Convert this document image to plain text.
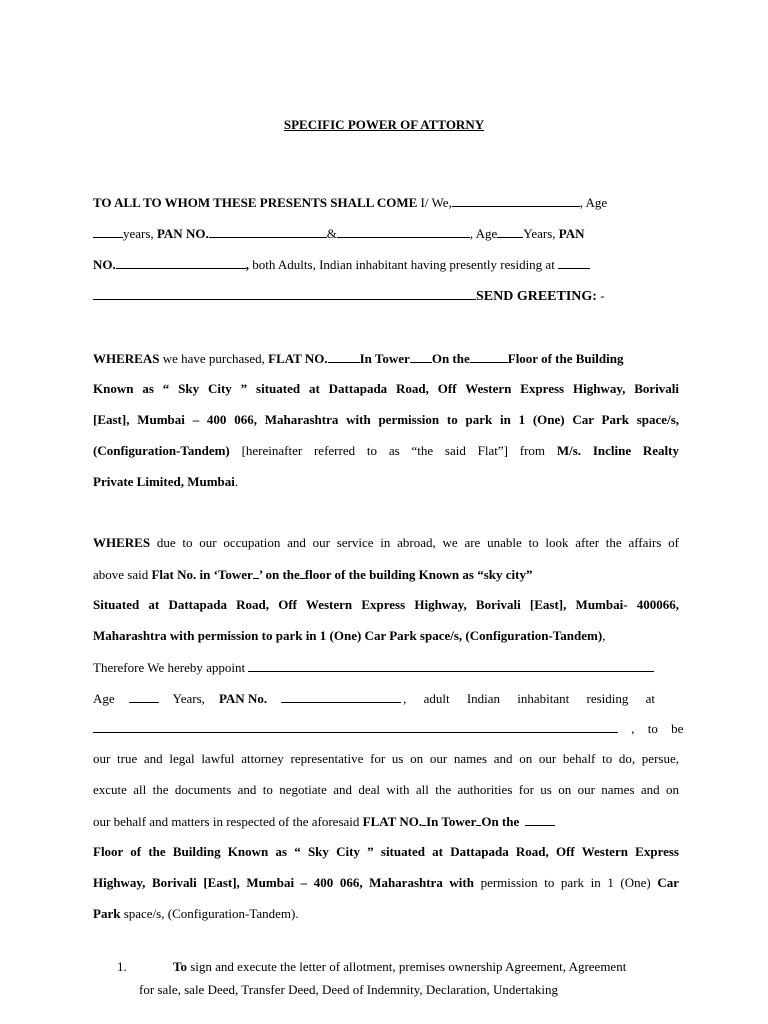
SPECIFIC POWER OF ATTORNY
TO ALL TO WHOM THESE PRESENTS SHALL COME I/ We,	, Age
years, PAN NO.	&	, Age Years, PAN
NO.	, both Adults, Indian inhabitant having presently residing at
SEND GREETING: -
WHEREAS we have purchased, FLAT NO. In Tower On the	Floor of the Building
Known as “ Sky City ” situated at Dattapada Road, Off Western Express Highway, Borivali
[East], Mumbai – 400 066, Maharashtra with permission to park in 1 (One) Car Park space/s,
(Configuration-Tandem) [hereinafter referred to as “the said Flat”] from M/s. Incline Realty
Private Limited, Mumbai.
WHERES due to our occupation and our service in abroad, we are unable to look after the affairs of
above said Flat No. in ‘Tower ’ on the floor of the building Known as “sky city”
Situated at Dattapada Road, Off Western Express Highway, Borivali [East], Mumbai- 400066,
Maharashtra with permission to park in 1 (One) Car Park space/s, (Configuration-Tandem),
Therefore We hereby appoint
Age	Years, PAN No.	, adult Indian inhabitant residing at
, to be
our true and legal lawful attorney representative for us on our names and on our behalf to do, persue,
excute all the documents and to negotiate and deal with all the authorities for us on our names and on
our behalf and matters in respected of the aforesaid FLAT NO. In Tower On the
Floor of the Building Known as “ Sky City ” situated at Dattapada Road, Off Western Express
Highway, Borivali [East], Mumbai – 400 066, Maharashtra with permission to park in 1 (One) Car
Park space/s, (Configuration-Tandem).
1.	To sign and execute the letter of allotment, premises ownership Agreement, Agreement
for sale, sale Deed, Transfer Deed, Deed of Indemnity, Declaration, Undertaking
